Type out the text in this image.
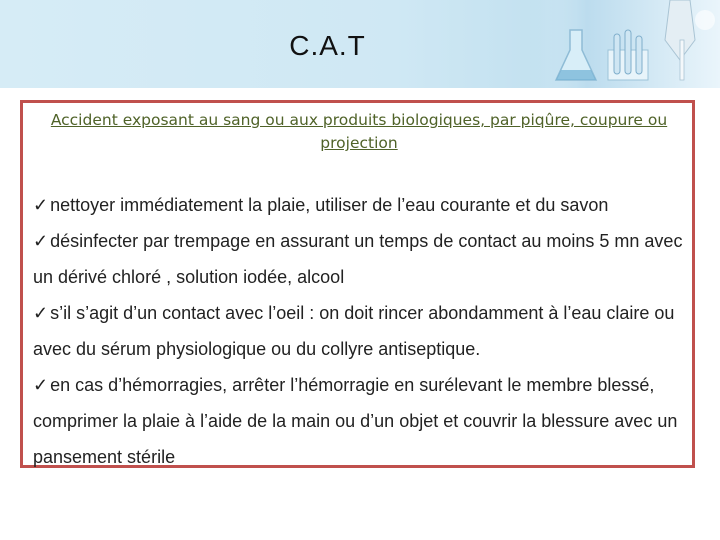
C.A.T
Accident exposant au sang ou aux produits biologiques, par piqûre, coupure ou projection

✓ nettoyer immédiatement la plaie, utiliser de l’eau courante et du savon

✓ désinfecter par trempage en assurant un temps de contact au moins 5 mn avec un dérivé chloré , solution iodée, alcool

✓ s’il s’agit d’un contact avec l’oeil : on doit rincer abondamment à l’eau claire ou avec du sérum physiologique ou du collyre antiseptique.

✓ en cas d’hémorragies, arrêter l’hémorragie en surélevant le membre blessé, comprimer la plaie à l’aide de la main ou d’un objet et couvrir la blessure avec un pansement stérile
